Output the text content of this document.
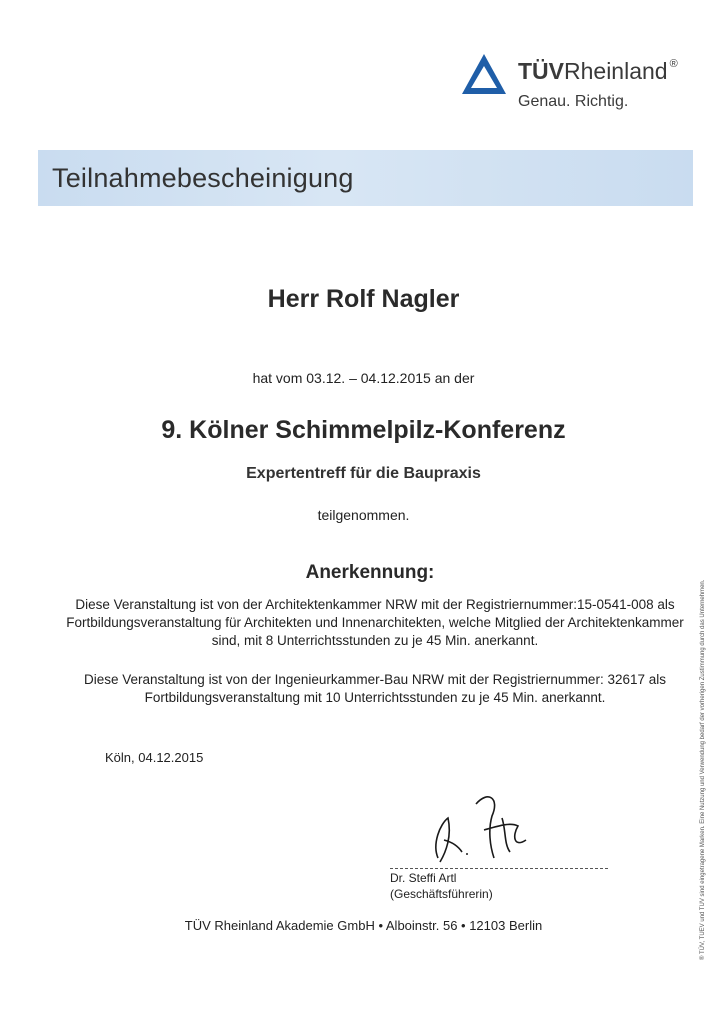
TÜVRheinland ®
Genau. Richtig.
Teilnahmebescheinigung
Herr Rolf Nagler
hat vom 03.12. – 04.12.2015 an der
9. Kölner Schimmelpilz-Konferenz
Expertentreff für die Baupraxis
teilgenommen.
Anerkennung:
Diese Veranstaltung ist von der Architektenkammer NRW mit der Registriernummer:15-0541-008 als Fortbildungsveranstaltung für Architekten und Innenarchitekten, welche Mitglied der Architektenkammer sind, mit 8 Unterrichtsstunden zu je 45 Min. anerkannt.
Diese Veranstaltung ist von der Ingenieurkammer-Bau NRW mit der Registriernummer: 32617 als Fortbildungsveranstaltung mit 10 Unterrichtsstunden zu je 45 Min. anerkannt.
Köln, 04.12.2015
Dr. Steffi Artl
(Geschäftsführerin)
TÜV Rheinland Akademie GmbH • Alboinstr. 56 • 12103 Berlin	® TÜV, TUEV und TUV sind eingetragene Marken. Eine Nutzung und Verwendung bedarf der vorherigen Zustimmung durch das Unternehmen.
